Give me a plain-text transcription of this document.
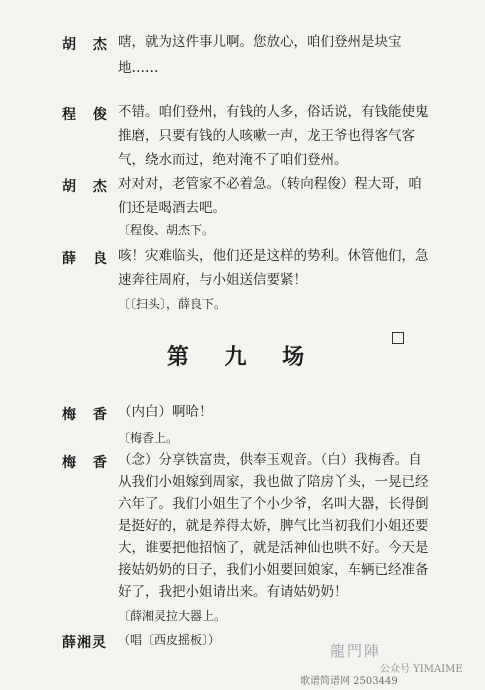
胡 杰 嗐，就为这件事儿啊。您放心，咱们登州是块宝
地……
程 俊 不错。咱们登州，有钱的人多，俗话说，有钱能使鬼
推磨，只要有钱的人咳嗽一声，龙王爷也得客气客
气，绕水而过，绝对淹不了咱们登州。
胡 杰 对对对，老管家不必着急。（转向程俊）程大哥，咱
们还是喝酒去吧。
〔程俊、胡杰下。
薛 良 咳！灾难临头，他们还是这样的势利。休管他们，急
速奔往周府，与小姐送信要紧！
〔〔扫头〕，薛良下。
第 九 场
梅 香 （内白）啊哈！
〔梅香上。
梅 香 （念）分享铁富贵，供奉玉观音。（白）我梅香。自
从我们小姐嫁到周家，我也做了陪房丫头，一晃已经
六年了。我们小姐生了个小少爷，名叫大器，长得倒
是挺好的，就是养得太娇，脾气比当初我们小姐还要
大，谁要把他招恼了，就是活神仙也哄不好。今天是
接姑奶奶的日子，我们小姐要回娘家，车辆已经准备
好了，我把小姐请出来。有请姑奶奶！
〔薛湘灵拉大器上。
薛湘灵 （唱〔西皮摇板〕）
龍門陣
公众号 YIMAIME
歌谱简谱网 2503449
